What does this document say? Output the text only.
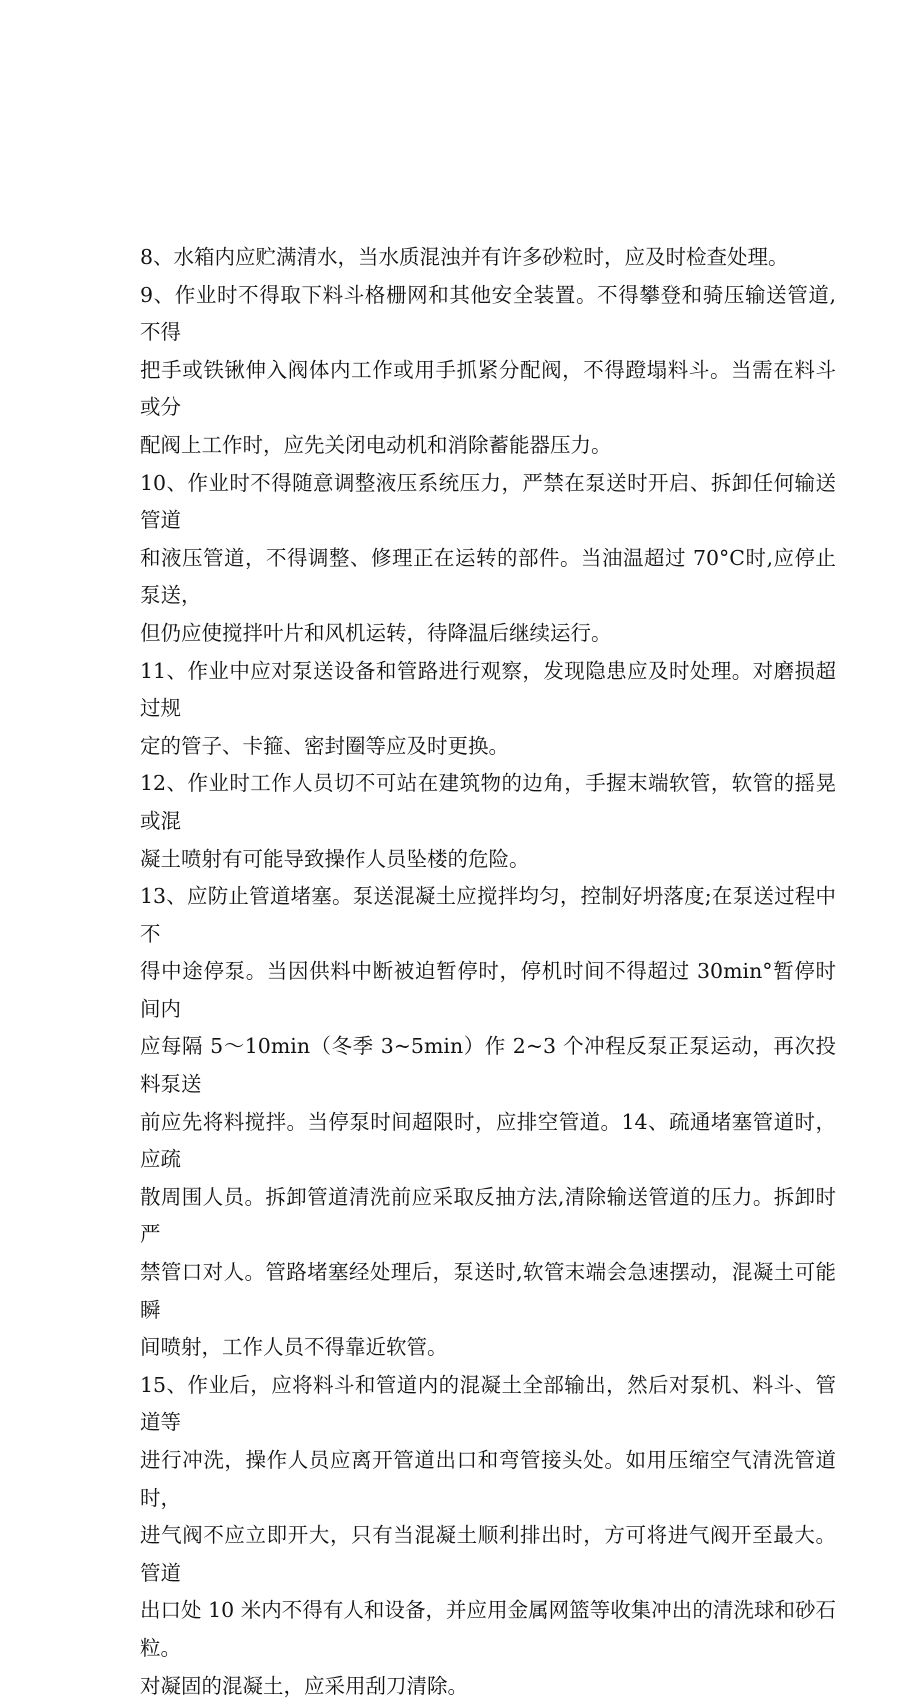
8、水箱内应贮满清水，当水质混浊并有许多砂粒时，应及时检查处理。

9、作业时不得取下料斗格栅网和其他安全装置。不得攀登和骑压输送管道,不得
把手或铁锹伸入阀体内工作或用手抓紧分配阀，不得蹬塌料斗。当需在料斗或分
配阀上工作时，应先关闭电动机和消除蓄能器压力。

10、作业时不得随意调整液压系统压力，严禁在泵送时开启、拆卸任何输送管道
和液压管道，不得调整、修理正在运转的部件。当油温超过 70°C时,应停止泵送，
但仍应使搅拌叶片和风机运转，待降温后继续运行。

11、作业中应对泵送设备和管路进行观察，发现隐患应及时处理。对磨损超过规
定的管子、卡箍、密封圈等应及时更换。

12、作业时工作人员切不可站在建筑物的边角，手握末端软管，软管的摇晃或混
凝土喷射有可能导致操作人员坠楼的危险。

13、应防止管道堵塞。泵送混凝土应搅拌均匀，控制好坍落度;在泵送过程中不
得中途停泵。当因供料中断被迫暂停时，停机时间不得超过 30min°暂停时间内
应每隔 5～10min（冬季 3~5min）作 2~3 个冲程反泵正泵运动，再次投料泵送
前应先将料搅拌。当停泵时间超限时，应排空管道。14、疏通堵塞管道时，应疏
散周围人员。拆卸管道清洗前应采取反抽方法,清除输送管道的压力。拆卸时严
禁管口对人。管路堵塞经处理后，泵送时,软管末端会急速摆动，混凝土可能瞬
间喷射，工作人员不得靠近软管。

15、作业后，应将料斗和管道内的混凝土全部输出，然后对泵机、料斗、管道等
进行冲洗，操作人员应离开管道出口和弯管接头处。如用压缩空气清洗管道时，
进气阀不应立即开大，只有当混凝土顺利排出时，方可将进气阀开至最大。管道
出口处 10 米内不得有人和设备，并应用金属网篮等收集冲出的清洗球和砂石粒。
对凝固的混凝土，应采用刮刀清除。
